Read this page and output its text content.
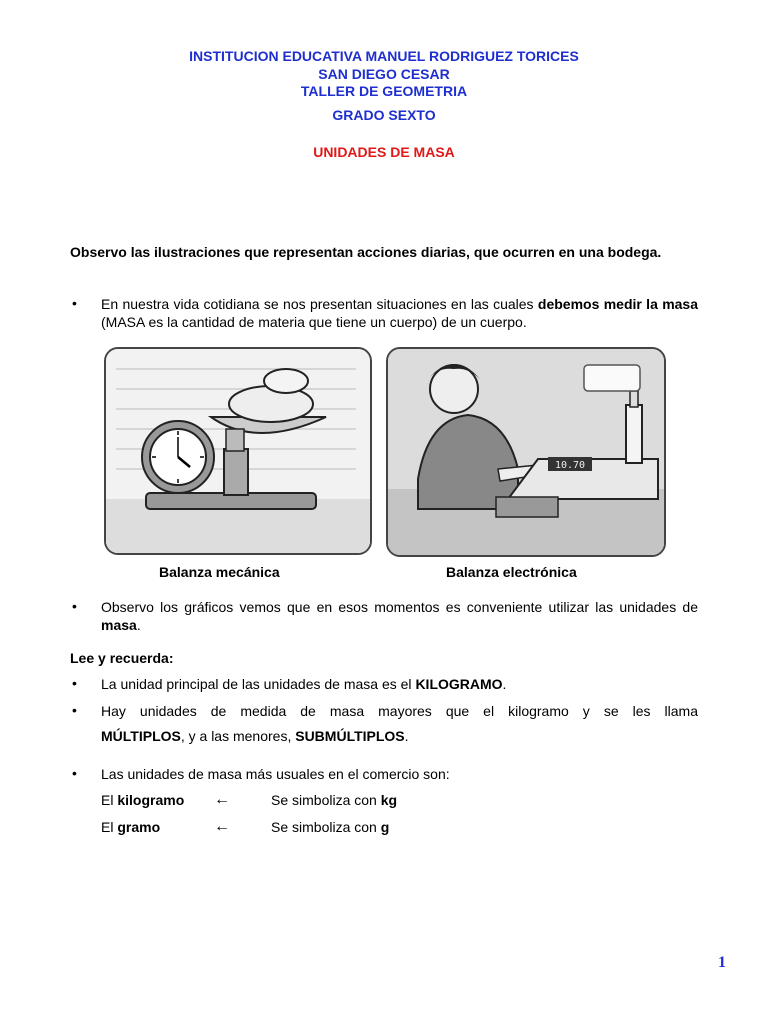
INSTITUCION EDUCATIVA MANUEL RODRIGUEZ TORICES
SAN DIEGO CESAR
TALLER DE GEOMETRIA
GRADO SEXTO
UNIDADES DE MASA
Observo las ilustraciones que representan acciones diarias, que ocurren en una bodega.
• En nuestra vida cotidiana se nos presentan situaciones en las cuales debemos medir la masa (MASA es la cantidad de materia que tiene un cuerpo) de un cuerpo.
10.70
Balanza mecánica	Balanza electrónica
• Observo los gráficos vemos que en esos momentos es conveniente utilizar las unidades de masa.
Lee y recuerda:
• La unidad principal de las unidades de masa es el KILOGRAMO.
• Hay unidades de medida de masa mayores que el kilogramo y se les llama
MÚLTIPLOS, y a las menores, SUBMÚLTIPLOS.
• Las unidades de masa más usuales en el comercio son:
El kilogramo ←	Se simboliza con kg
El gramo	←	Se simboliza con g
1
